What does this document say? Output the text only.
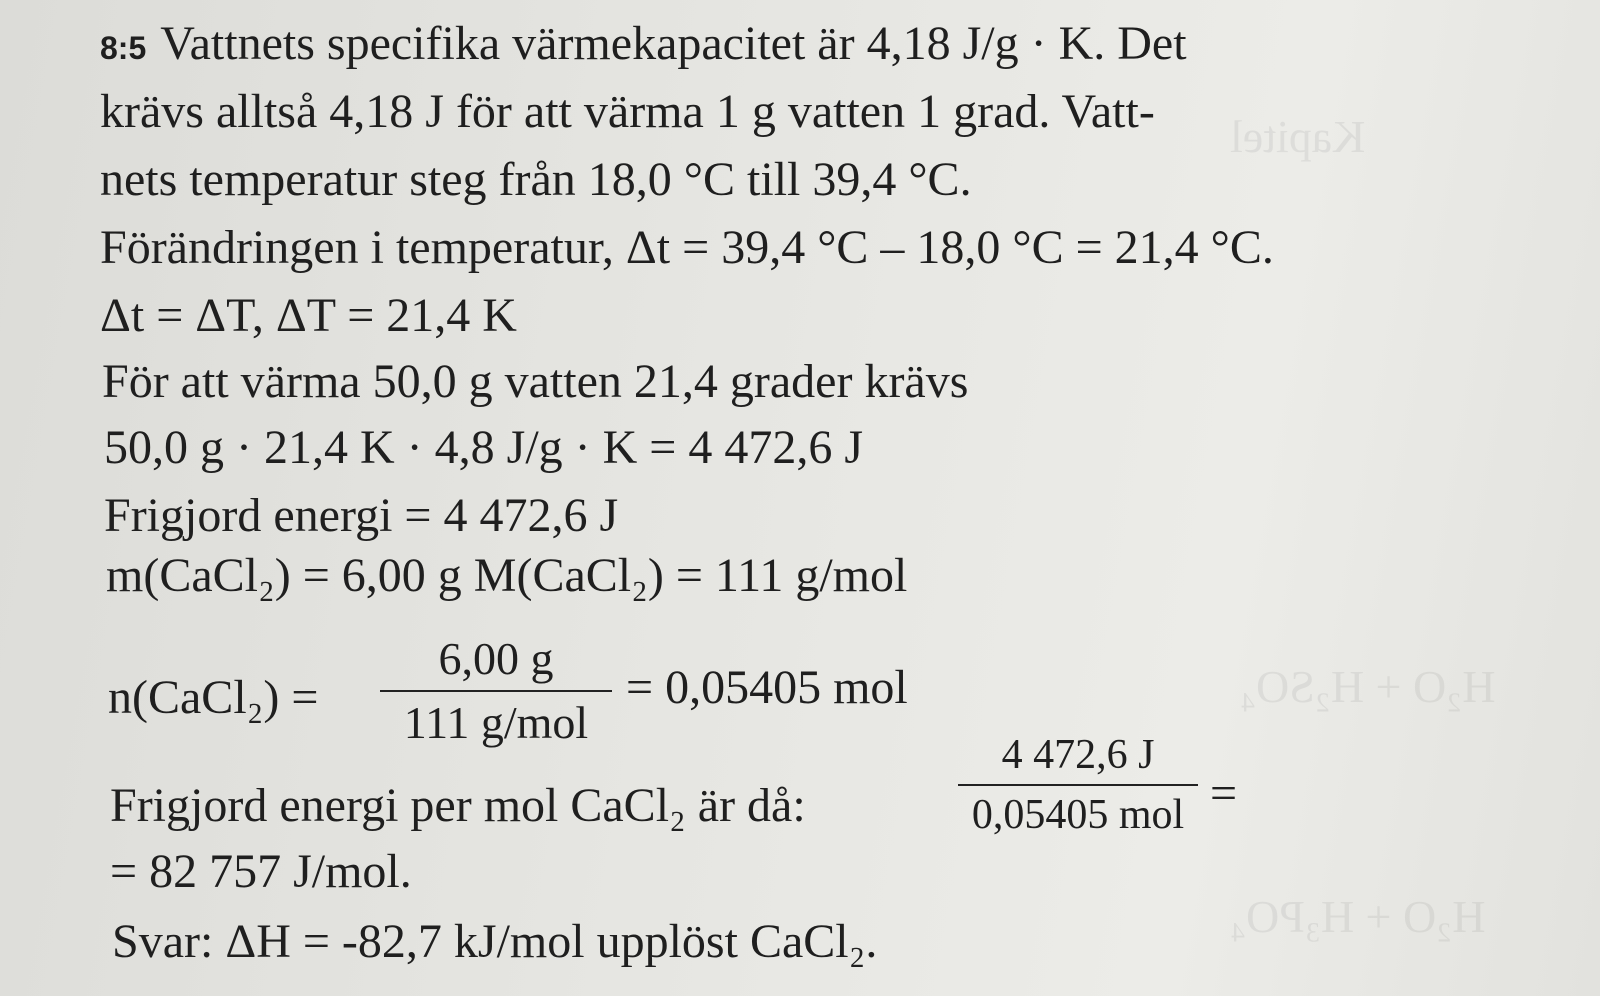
Kapitel
H₂O + H₂SO₄
H₂O + H₃PO₄
8:5 Vattnets specifika värmekapacitet är 4,18 J/g · K. Det
krävs alltså 4,18 J för att värma 1 g vatten 1 grad. Vatt-
nets temperatur steg från 18,0 °C till 39,4 °C.
Förändringen i temperatur, Δt = 39,4 °C – 18,0 °C = 21,4 °C.
Δt = ΔT, ΔT = 21,4 K
För att värma 50,0 g vatten 21,4 grader krävs
50,0 g · 21,4 K · 4,8 J/g · K = 4 472,6 J
Frigjord energi = 4 472,6 J
m(CaCl₂) = 6,00 g M(CaCl₂) = 111 g/mol
n(CaCl₂) =
6,00 g
111 g/mol
= 0,05405 mol
Frigjord energi per mol CaCl₂ är då:
4 472,6 J
0,05405 mol =
= 82 757 J/mol.
Svar: ΔH = -82,7 kJ/mol upplöst CaCl₂.
